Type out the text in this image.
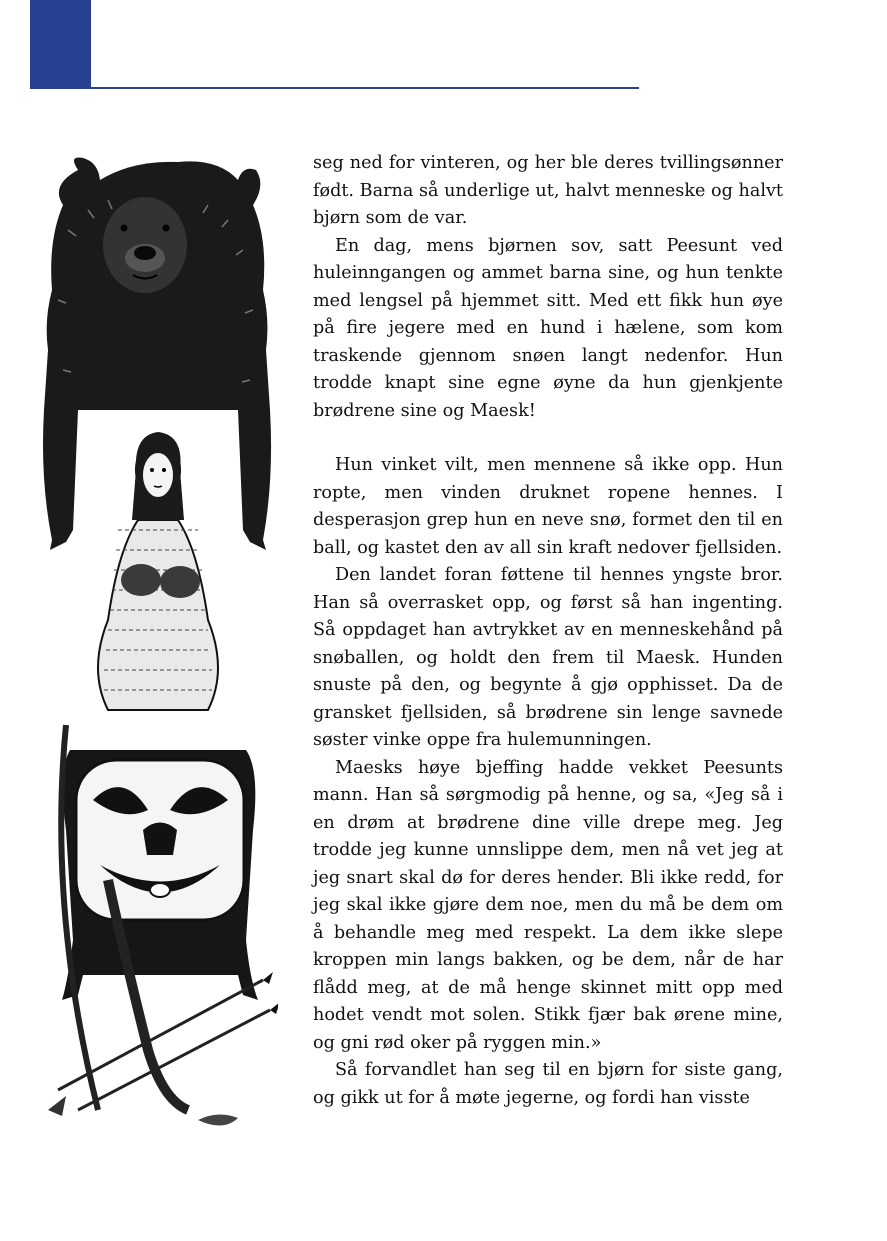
seg ned for vinteren, og her ble deres tvillingsønner født. Barna så underlige ut, halvt menneske og halvt bjørn som de var.

En dag, mens bjørnen sov, satt Peesunt ved huleinngangen og ammet barna sine, og hun tenkte med lengsel på hjemmet sitt. Med ett fikk hun øye på fire jegere med en hund i hælene, som kom traskende gjennom snøen langt nedenfor. Hun trodde knapt sine egne øyne da hun gjenkjente brødrene sine og Maesk!

Hun vinket vilt, men mennene så ikke opp. Hun ropte, men vinden druknet ropene hennes. I desperasjon grep hun en neve snø, formet den til en ball, og kastet den av all sin kraft nedover fjellsiden.

Den landet foran føttene til hennes yngste bror. Han så overrasket opp, og først så han ingenting. Så oppdaget han avtrykket av en menneskehånd på snøballen, og holdt den frem til Maesk. Hunden snuste på den, og begynte å gjø opphisset. Da de gransket fjellsiden, så brødrene sin lenge savnede søster vinke oppe fra hulemunningen.

Maesks høye bjeffing hadde vekket Peesunts mann. Han så sørgmodig på henne, og sa, «Jeg så i en drøm at brødrene dine ville drepe meg. Jeg trodde jeg kunne unnslippe dem, men nå vet jeg at jeg snart skal dø for deres hender. Bli ikke redd, for jeg skal ikke gjøre dem noe, men du må be dem om å behandle meg med respekt. La dem ikke slepe kroppen min langs bakken, og be dem, når de har flådd meg, at de må henge skinnet mitt opp med hodet vendt mot solen. Stikk fjær bak ørene mine, og gni rød oker på ryggen min.»

Så forvandlet han seg til en bjørn for siste gang, og gikk ut for å møte jegerne, og fordi han visste
